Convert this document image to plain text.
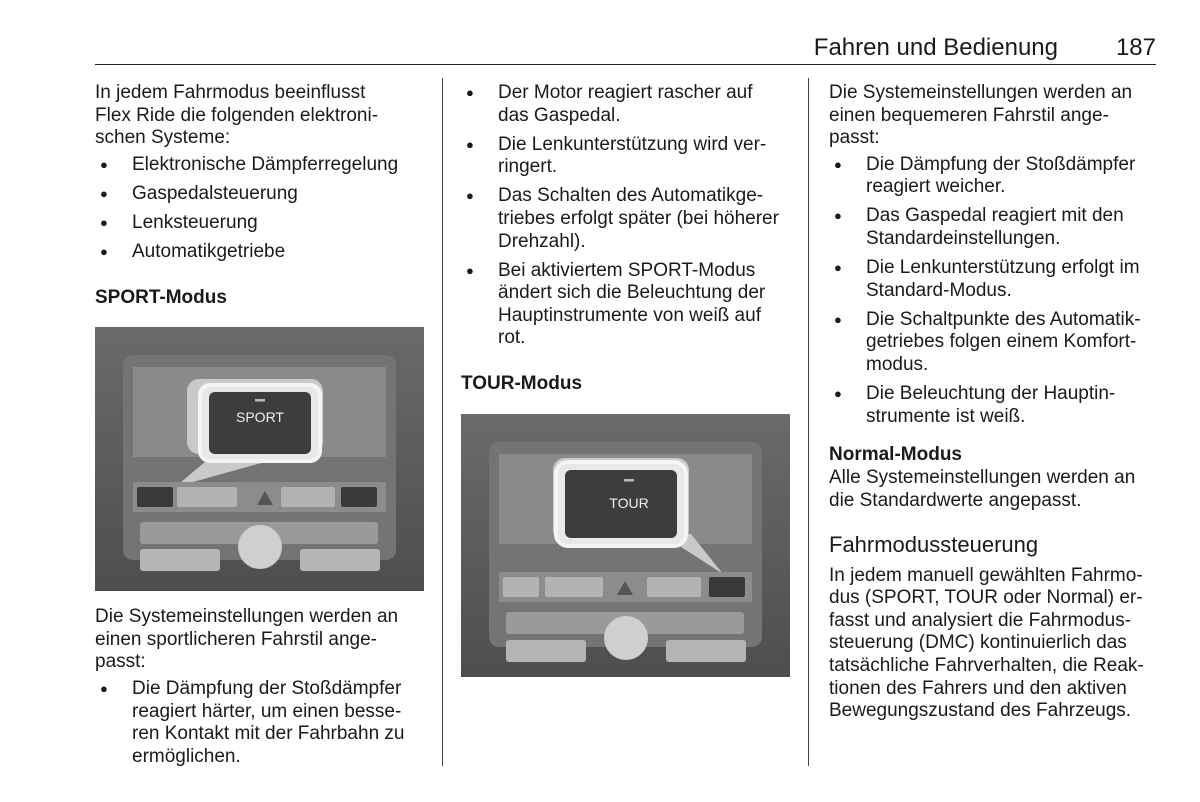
Fahren und Bedienung 187

In jedem Fahrmodus beeinflusst
Flex Ride die folgenden elektroni-
schen Systeme:

● Elektronische Dämpferregelung
● Gaspedalsteuerung
● Lenksteuerung
● Automatikgetriebe
SPORT-Modus
SPORT

Die Systemeinstellungen werden an
einen sportlicheren Fahrstil ange-
passt:

● Die Dämpfung der Stoßdämpfer
reagiert härter, um einen besse-
ren Kontakt mit der Fahrbahn zu
ermöglichen.
● Der Motor reagiert rascher auf
das Gaspedal.
● Die Lenkunterstützung wird ver-
ringert.
● Das Schalten des Automatikge-
triebes erfolgt später (bei höherer
Drehzahl).
● Bei aktiviertem SPORT-Modus
ändert sich die Beleuchtung der
Hauptinstrumente von weiß auf
rot.
TOUR-Modus
TOUR

Die Systemeinstellungen werden an
einen bequemeren Fahrstil ange-
passt:

● Die Dämpfung der Stoßdämpfer
reagiert weicher.
● Das Gaspedal reagiert mit den
Standardeinstellungen.
● Die Lenkunterstützung erfolgt im
Standard-Modus.
● Die Schaltpunkte des Automatik-
getriebes folgen einem Komfort-
modus.
● Die Beleuchtung der Hauptin-
strumente ist weiß.
Normal-Modus

Alle Systemeinstellungen werden an
die Standardwerte angepasst.

Fahrmodussteuerung

In jedem manuell gewählten Fahrmo-
dus (SPORT, TOUR oder Normal) er-
fasst und analysiert die Fahrmodus-
steuerung (DMC) kontinuierlich das
tatsächliche Fahrverhalten, die Reak-
tionen des Fahrers und den aktiven
Bewegungszustand des Fahrzeugs.
